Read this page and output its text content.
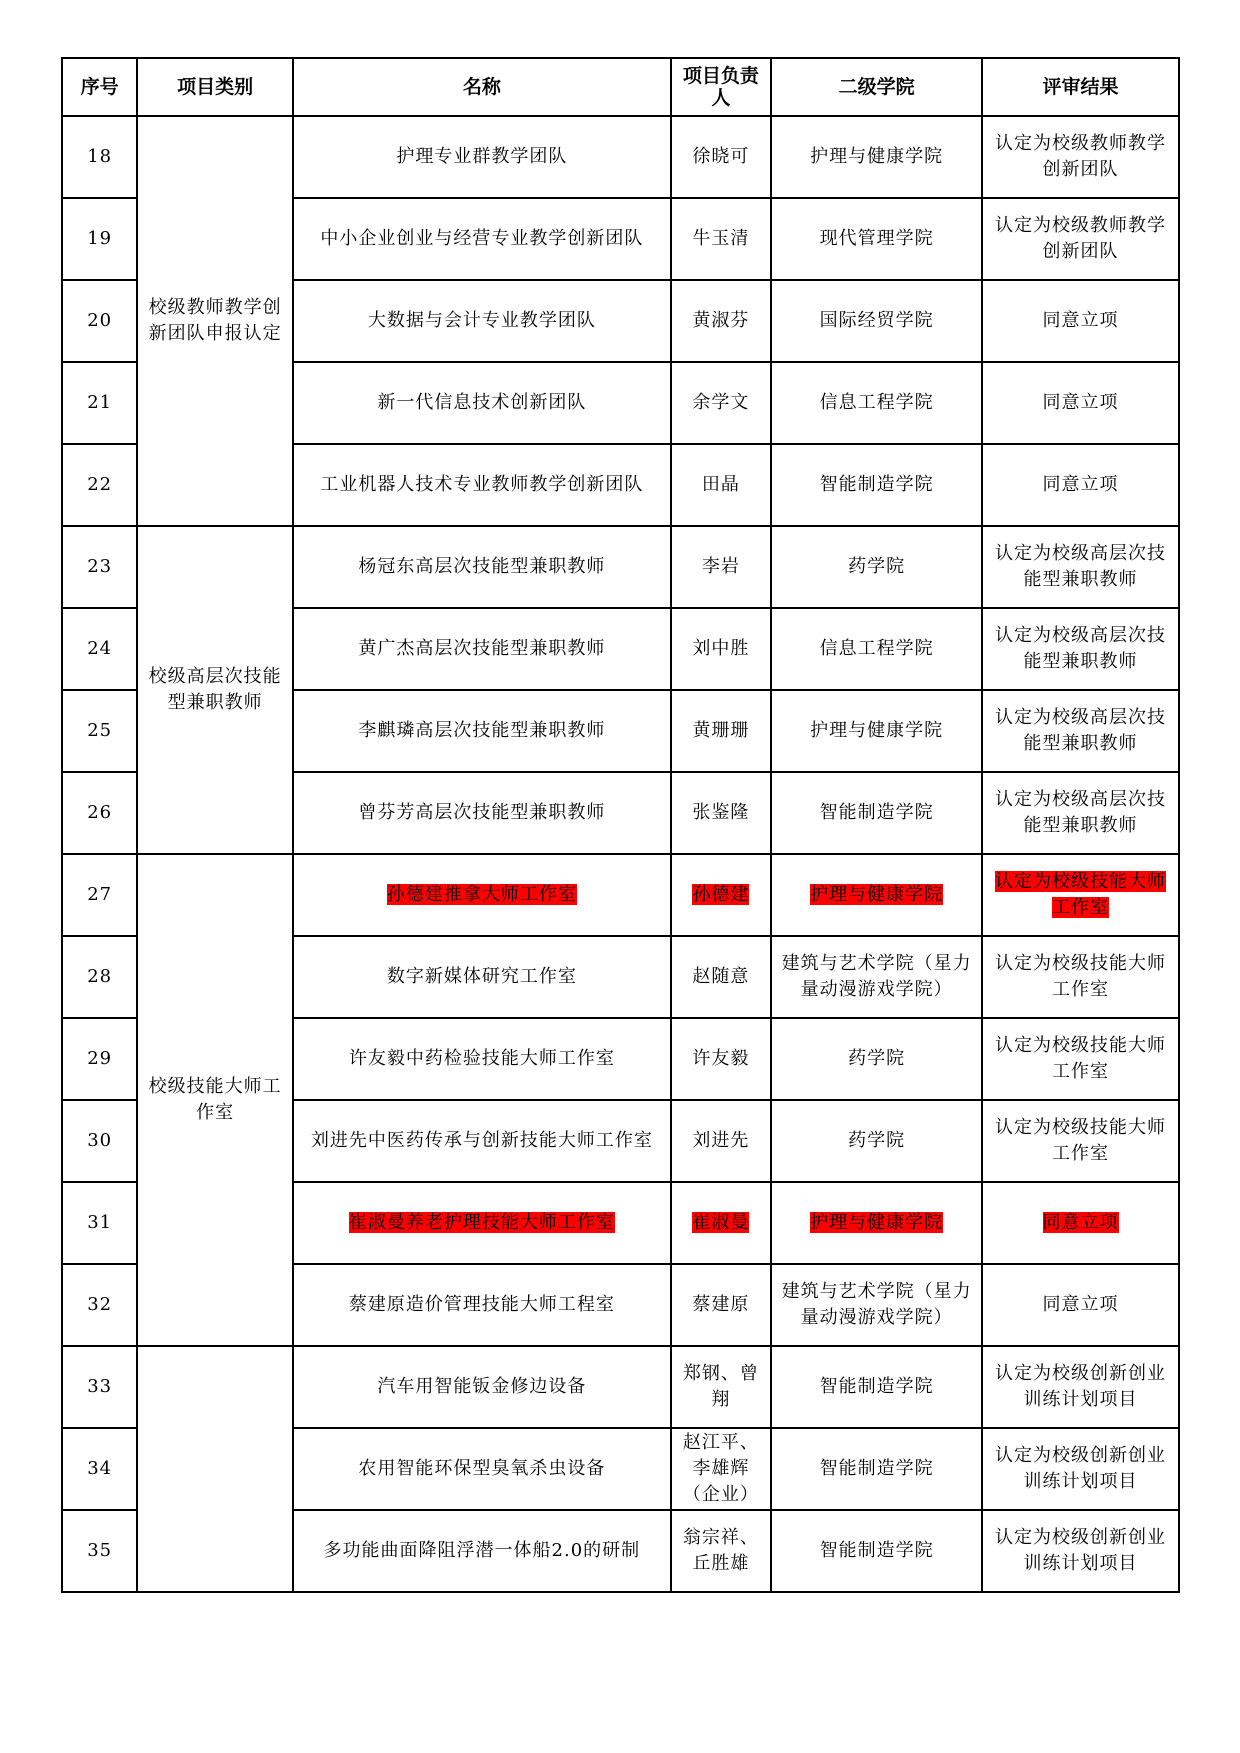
序号	项目类别	名称	项目负责人	二级学院	评审结果
18	校级教师教学创新团队申报认定	护理专业群教学团队	徐晓可	护理与健康学院	认定为校级教师教学创新团队
19		中小企业创业与经营专业教学创新团队	牛玉清	现代管理学院	认定为校级教师教学创新团队
20		大数据与会计专业教学团队	黄淑芬	国际经贸学院	同意立项
21		新一代信息技术创新团队	余学文	信息工程学院	同意立项
22		工业机器人技术专业教师教学创新团队	田晶	智能制造学院	同意立项
23	校级高层次技能型兼职教师	杨冠东高层次技能型兼职教师	李岩	药学院	认定为校级高层次技能型兼职教师
24		黄广杰高层次技能型兼职教师	刘中胜	信息工程学院	认定为校级高层次技能型兼职教师
25		李麒璘高层次技能型兼职教师	黄珊珊	护理与健康学院	认定为校级高层次技能型兼职教师
26		曾芬芳高层次技能型兼职教师	张鉴隆	智能制造学院	认定为校级高层次技能型兼职教师
27	校级技能大师工作室	孙德建推拿大师工作室	孙德建	护理与健康学院	认定为校级技能大师工作室
28		数字新媒体研究工作室	赵随意	建筑与艺术学院（星力量动漫游戏学院）	认定为校级技能大师工作室
29		许友毅中药检验技能大师工作室	许友毅	药学院	认定为校级技能大师工作室
30		刘进先中医药传承与创新技能大师工作室	刘进先	药学院	认定为校级技能大师工作室
31		崔淑曼养老护理技能大师工作室	崔淑曼	护理与健康学院	同意立项
32		蔡建原造价管理技能大师工程室	蔡建原	建筑与艺术学院（星力量动漫游戏学院）	同意立项
33		汽车用智能钣金修边设备	郑钢、曾翔	智能制造学院	认定为校级创新创业训练计划项目
34		农用智能环保型臭氧杀虫设备	赵江平、李雄辉（企业）	智能制造学院	认定为校级创新创业训练计划项目
35		多功能曲面降阻浮潜一体船2.0的研制	翁宗祥、丘胜雄	智能制造学院	认定为校级创新创业训练计划项目
